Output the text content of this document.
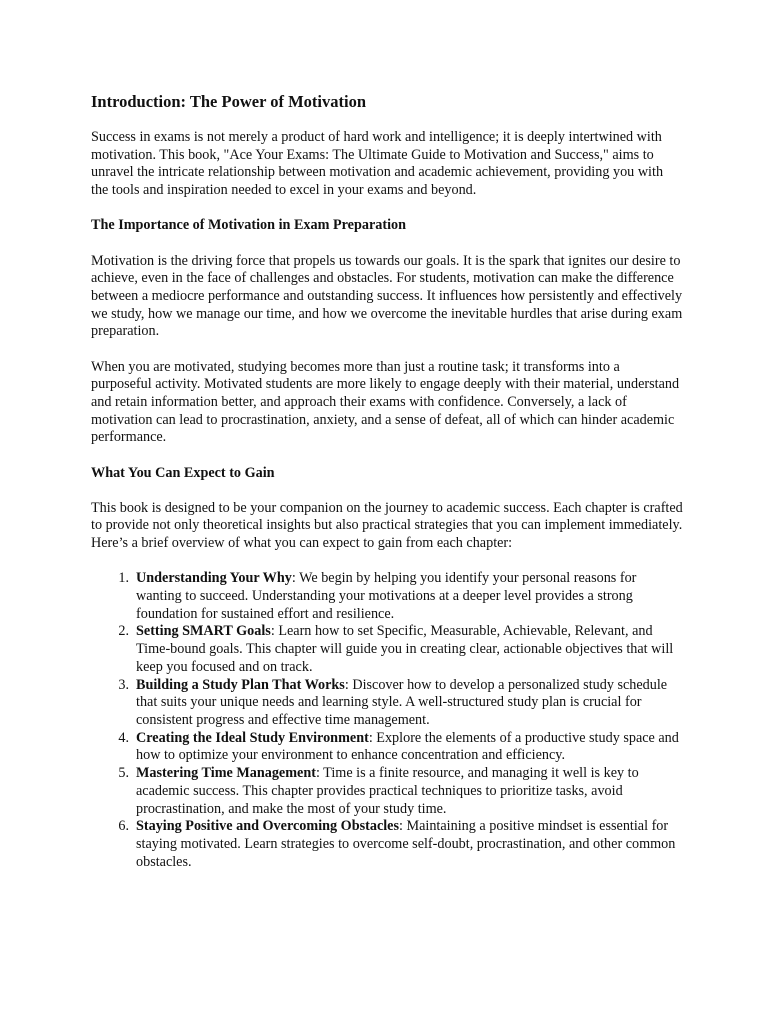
Introduction: The Power of Motivation

Success in exams is not merely a product of hard work and intelligence; it is deeply intertwined with motivation. This book, "Ace Your Exams: The Ultimate Guide to Motivation and Success," aims to unravel the intricate relationship between motivation and academic achievement, providing you with the tools and inspiration needed to excel in your exams and beyond.

The Importance of Motivation in Exam Preparation

Motivation is the driving force that propels us towards our goals. It is the spark that ignites our desire to achieve, even in the face of challenges and obstacles. For students, motivation can make the difference between a mediocre performance and outstanding success. It influences how persistently and effectively we study, how we manage our time, and how we overcome the inevitable hurdles that arise during exam preparation.

When you are motivated, studying becomes more than just a routine task; it transforms into a purposeful activity. Motivated students are more likely to engage deeply with their material, understand and retain information better, and approach their exams with confidence. Conversely, a lack of motivation can lead to procrastination, anxiety, and a sense of defeat, all of which can hinder academic performance.

What You Can Expect to Gain

This book is designed to be your companion on the journey to academic success. Each chapter is crafted to provide not only theoretical insights but also practical strategies that you can implement immediately. Here’s a brief overview of what you can expect to gain from each chapter:

1. Understanding Your Why: We begin by helping you identify your personal reasons for wanting to succeed. Understanding your motivations at a deeper level provides a strong foundation for sustained effort and resilience.
2. Setting SMART Goals: Learn how to set Specific, Measurable, Achievable, Relevant, and Time-bound goals. This chapter will guide you in creating clear, actionable objectives that will keep you focused and on track.
3. Building a Study Plan That Works: Discover how to develop a personalized study schedule that suits your unique needs and learning style. A well-structured study plan is crucial for consistent progress and effective time management.
4. Creating the Ideal Study Environment: Explore the elements of a productive study space and how to optimize your environment to enhance concentration and efficiency.
5. Mastering Time Management: Time is a finite resource, and managing it well is key to academic success. This chapter provides practical techniques to prioritize tasks, avoid procrastination, and make the most of your study time.
6. Staying Positive and Overcoming Obstacles: Maintaining a positive mindset is essential for staying motivated. Learn strategies to overcome self-doubt, procrastination, and other common obstacles.
